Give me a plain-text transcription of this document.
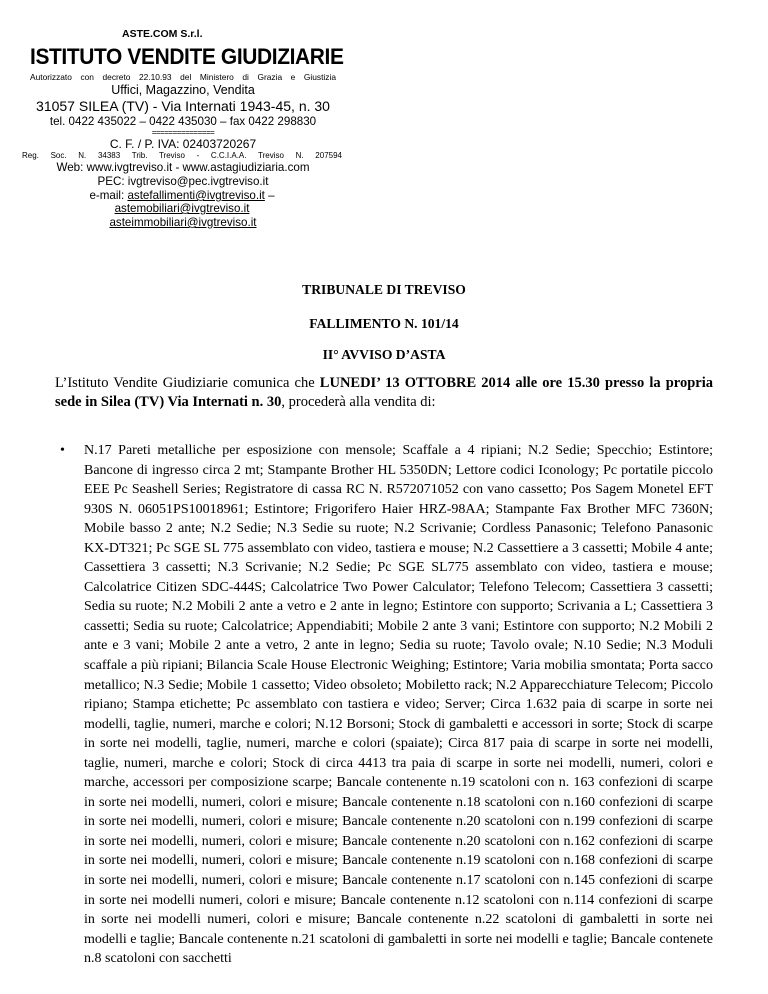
ASTE.COM S.r.l.
ISTITUTO VENDITE GIUDIZIARIE
Autorizzato con decreto 22.10.93 del Ministero di Grazia e Giustizia
Uffici, Magazzino, Vendita
31057 SILEA (TV) - Via Internati 1943-45, n. 30
tel. 0422 435022 – 0422 435030 – fax 0422 298830
===============
C. F. / P. IVA: 02403720267
Reg. Soc. N. 34383 Trib. Treviso - C.C.I.A.A. Treviso N. 207594
Web: www.ivgtreviso.it - www.astagiudiziaria.com
PEC: ivgtreviso@pec.ivgtreviso.it
e-mail: astefallimenti@ivgtreviso.it – astemobiliari@ivgtreviso.it
asteimmobiliari@ivgtreviso.it
TRIBUNALE DI TREVISO
FALLIMENTO N. 101/14
II° AVVISO D’ASTA
L’Istituto Vendite Giudiziarie comunica che LUNEDI’ 13 OTTOBRE 2014 alle ore 15.30 presso la propria sede in Silea (TV) Via Internati n. 30, procederà alla vendita di:
• N.17 Pareti metalliche per esposizione con mensole; Scaffale a 4 ripiani; N.2 Sedie; Specchio; Estintore; Bancone di ingresso circa 2 mt; Stampante Brother HL 5350DN; Lettore codici Iconology; Pc portatile piccolo EEE Pc Seashell Series; Registratore di cassa RC N. R572071052 con vano cassetto; Pos Sagem Monetel EFT 930S N. 06051PS10018961; Estintore; Frigorifero Haier HRZ-98AA; Stampante Fax Brother MFC 7360N; Mobile basso 2 ante; N.2 Sedie; N.3 Sedie su ruote; N.2 Scrivanie; Cordless Panasonic; Telefono Panasonic KX-DT321; Pc SGE SL 775 assemblato con video, tastiera e mouse; N.2 Cassettiere a 3 cassetti; Mobile 4 ante; Cassettiera 3 cassetti; N.3 Scrivanie; N.2 Sedie; Pc SGE SL775 assemblato con video, tastiera e mouse; Calcolatrice Citizen SDC-444S; Calcolatrice Two Power Calculator; Telefono Telecom; Cassettiera 3 cassetti; Sedia su ruote; N.2 Mobili 2 ante a vetro e 2 ante in legno; Estintore con supporto; Scrivania a L; Cassettiera 3 cassetti; Sedia su ruote; Calcolatrice; Appendiabiti; Mobile 2 ante 3 vani; Estintore con supporto; N.2 Mobili 2 ante e 3 vani; Mobile 2 ante a vetro, 2 ante in legno; Sedia su ruote; Tavolo ovale; N.10 Sedie; N.3 Moduli scaffale a più ripiani; Bilancia Scale House Electronic Weighing; Estintore; Varia mobilia smontata; Porta sacco metallico; N.3 Sedie; Mobile 1 cassetto; Video obsoleto; Mobiletto rack; N.2 Apparecchiature Telecom; Piccolo ripiano; Stampa etichette; Pc assemblato con tastiera e video; Server; Circa 1.632 paia di scarpe in sorte nei modelli, taglie, numeri, marche e colori; N.12 Borsoni; Stock di gambaletti e accessori in sorte; Stock di scarpe in sorte nei modelli, taglie, numeri, marche e colori (spaiate); Circa 817 paia di scarpe in sorte nei modelli, taglie, numeri, marche e colori; Stock di circa 4413 tra paia di scarpe in sorte nei modelli, numeri, colori e marche, accessori per composizione scarpe; Bancale contenente n.19 scatoloni con n. 163 confezioni di scarpe in sorte nei modelli, numeri, colori e misure; Bancale contenente n.18 scatoloni con n.160 confezioni di scarpe in sorte nei modelli, numeri, colori e misure; Bancale contenente n.20 scatoloni con n.199 confezioni di scarpe in sorte nei modelli, numeri, colori e misure; Bancale contenente n.20 scatoloni con n.162 confezioni di scarpe in sorte nei modelli, numeri, colori e misure; Bancale contenente n.19 scatoloni con n.168 confezioni di scarpe in sorte nei modelli, numeri, colori e misure; Bancale contenente n.17 scatoloni con n.145 confezioni di scarpe in sorte nei modelli numeri, colori e misure; Bancale contenente n.12 scatoloni con n.114 confezioni di scarpe in sorte nei modelli numeri, colori e misure; Bancale contenente n.22 scatoloni di gambaletti in sorte nei modelli e taglie; Bancale contenente n.21 scatoloni di gambaletti in sorte nei modelli e taglie; Bancale contenete n.8 scatoloni con sacchetti
